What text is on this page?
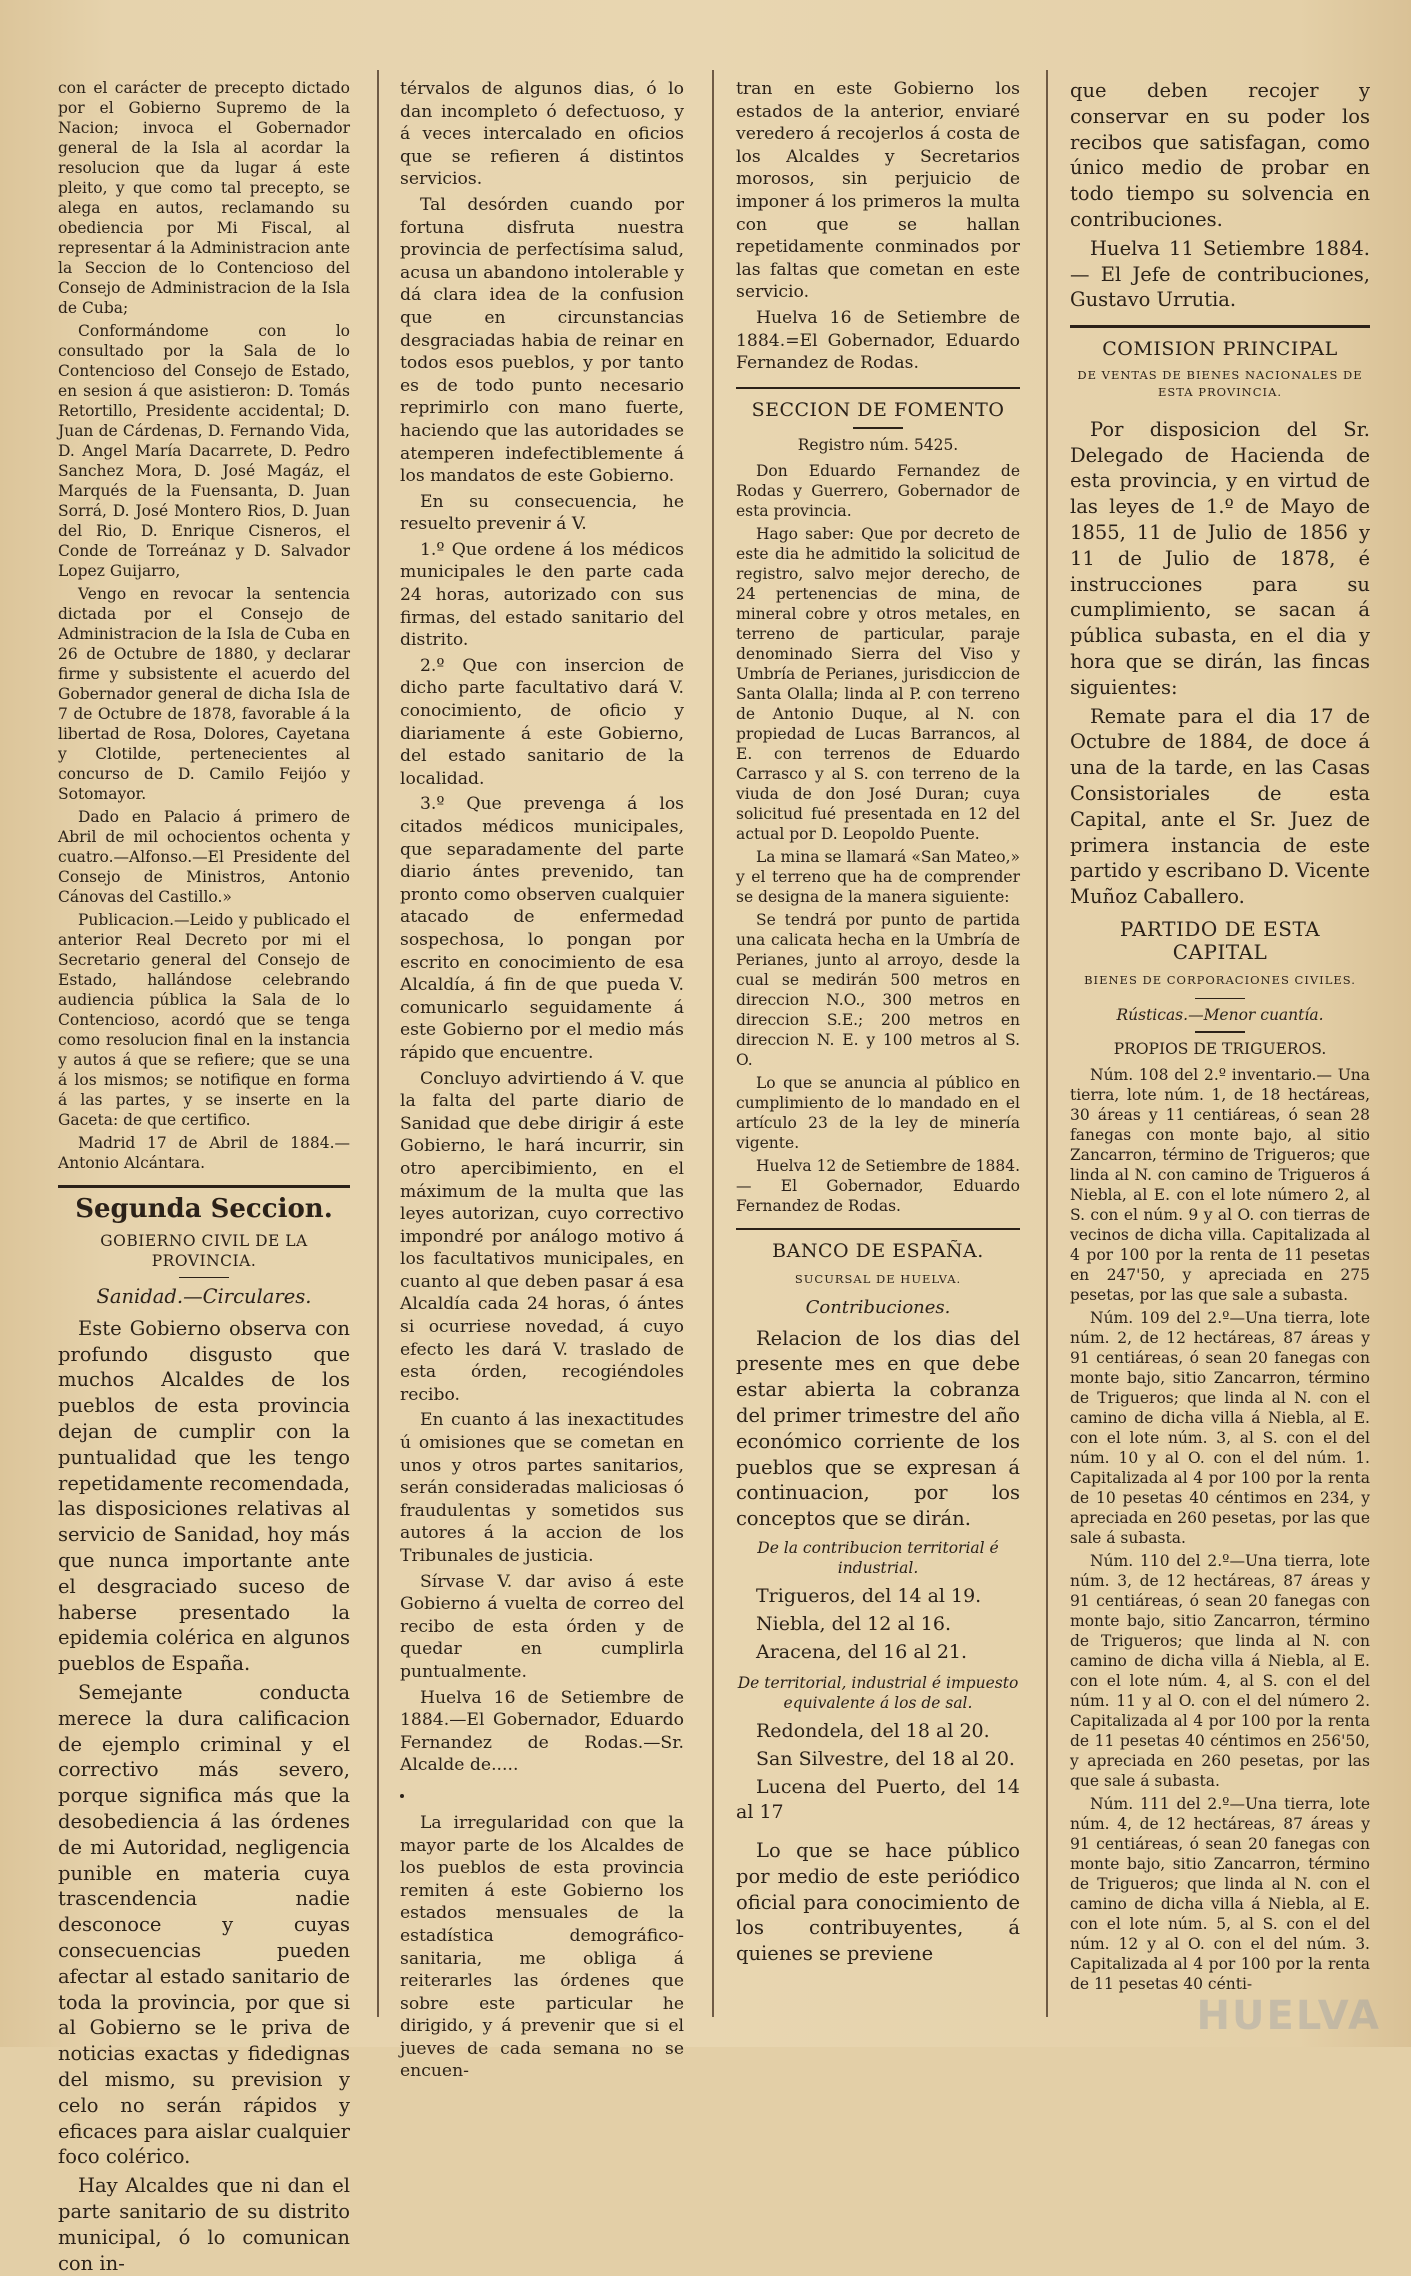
con el carácter de precepto dictado por el Gobierno Supremo de la Nacion; invoca el Gobernador general de la Isla al acordar la resolucion que da lugar á este pleito, y que como tal precepto, se alega en autos, reclamando su obediencia por Mi Fiscal, al representar á la Administracion ante la Seccion de lo Contencioso del Consejo de Administracion de la Isla de Cuba;

Conformándome con lo consultado por la Sala de lo Contencioso del Consejo de Estado, en sesion á que asistieron: D. Tomás Retortillo, Presidente accidental; D. Juan de Cárdenas, D. Fernando Vida, D. Angel María Dacarrete, D. Pedro Sanchez Mora, D. José Magáz, el Marqués de la Fuensanta, D. Juan Sorrá, D. José Montero Rios, D. Juan del Rio, D. Enrique Cisneros, el Conde de Torreánaz y D. Salvador Lopez Guijarro,

Vengo en revocar la sentencia dictada por el Consejo de Administracion de la Isla de Cuba en 26 de Octubre de 1880, y declarar firme y subsistente el acuerdo del Gobernador general de dicha Isla de 7 de Octubre de 1878, favorable á la libertad de Rosa, Dolores, Cayetana y Clotilde, pertenecientes al concurso de D. Camilo Feijóo y Sotomayor.

Dado en Palacio á primero de Abril de mil ochocientos ochenta y cuatro.—Alfonso.—El Presidente del Consejo de Ministros, Antonio Cánovas del Castillo.»

Publicacion.—Leido y publicado el anterior Real Decreto por mi el Secretario general del Consejo de Estado, hallándose celebrando audiencia pública la Sala de lo Contencioso, acordó que se tenga como resolucion final en la instancia y autos á que se refiere; que se una á los mismos; se notifique en forma á las partes, y se inserte en la Gaceta: de que certifico.

Madrid 17 de Abril de 1884.— Antonio Alcántara.

Segunda Seccion.
GOBIERNO CIVIL DE LA PROVINCIA.
Sanidad.—Circulares.

Este Gobierno observa con profundo disgusto que muchos Alcaldes de los pueblos de esta provincia dejan de cumplir con la puntualidad que les tengo repetidamente recomendada, las disposiciones relativas al servicio de Sanidad, hoy más que nunca importante ante el desgraciado suceso de haberse presentado la epidemia colérica en algunos pueblos de España.

Semejante conducta merece la dura calificacion de ejemplo criminal y el correctivo más severo, porque significa más que la desobediencia á las órdenes de mi Autoridad, negligencia punible en materia cuya trascendencia nadie desconoce y cuyas consecuencias pueden afectar al estado sanitario de toda la provincia, por que si al Gobierno se le priva de noticias exactas y fidedignas del mismo, su prevision y celo no serán rápidos y eficaces para aislar cualquier foco colérico.

Hay Alcaldes que ni dan el parte sanitario de su distrito municipal, ó lo comunican con in-

térvalos de algunos dias, ó lo dan incompleto ó defectuoso, y á veces intercalado en oficios que se refieren á distintos servicios.

Tal desórden cuando por fortuna disfruta nuestra provincia de perfectísima salud, acusa un abandono intolerable y dá clara idea de la confusion que en circunstancias desgraciadas habia de reinar en todos esos pueblos, y por tanto es de todo punto necesario reprimirlo con mano fuerte, haciendo que las autoridades se atemperen indefectiblemente á los mandatos de este Gobierno.

En su consecuencia, he resuelto prevenir á V.

1.º Que ordene á los médicos municipales le den parte cada 24 horas, autorizado con sus firmas, del estado sanitario del distrito.

2.º Que con insercion de dicho parte facultativo dará V. conocimiento, de oficio y diariamente á este Gobierno, del estado sanitario de la localidad.

3.º Que prevenga á los citados médicos municipales, que separadamente del parte diario ántes prevenido, tan pronto como observen cualquier atacado de enfermedad sospechosa, lo pongan por escrito en conocimiento de esa Alcaldía, á fin de que pueda V. comunicarlo seguidamente á este Gobierno por el medio más rápido que encuentre.

Concluyo advirtiendo á V. que la falta del parte diario de Sanidad que debe dirigir á este Gobierno, le hará incurrir, sin otro apercibimiento, en el máximum de la multa que las leyes autorizan, cuyo correctivo impondré por análogo motivo á los facultativos municipales, en cuanto al que deben pasar á esa Alcaldía cada 24 horas, ó ántes si ocurriese novedad, á cuyo efecto les dará V. traslado de esta órden, recogiéndoles recibo.

En cuanto á las inexactitudes ú omisiones que se cometan en unos y otros partes sanitarios, serán consideradas maliciosas ó fraudulentas y sometidos sus autores á la accion de los Tribunales de justicia.

Sírvase V. dar aviso á este Gobierno á vuelta de correo del recibo de esta órden y de quedar en cumplirla puntualmente.

Huelva 16 de Setiembre de 1884.—El Gobernador, Eduardo Fernandez de Rodas.—Sr. Alcalde de.....

La irregularidad con que la mayor parte de los Alcaldes de los pueblos de esta provincia remiten á este Gobierno los estados mensuales de la estadística demográfico-sanitaria, me obliga á reiterarles las órdenes que sobre este particular he dirigido, y á prevenir que si el jueves de cada semana no se encuen-

tran en este Gobierno los estados de la anterior, enviaré veredero á recojerlos á costa de los Alcaldes y Secretarios morosos, sin perjuicio de imponer á los primeros la multa con que se hallan repetidamente conminados por las faltas que cometan en este servicio.

Huelva 16 de Setiembre de 1884.=El Gobernador, Eduardo Fernandez de Rodas.

SECCION DE FOMENTO
Registro núm. 5425.

Don Eduardo Fernandez de Rodas y Guerrero, Gobernador de esta provincia.

Hago saber: Que por decreto de este dia he admitido la solicitud de registro, salvo mejor derecho, de 24 pertenencias de mina, de mineral cobre y otros metales, en terreno de particular, paraje denominado Sierra del Viso y Umbría de Perianes, jurisdiccion de Santa Olalla; linda al P. con terreno de Antonio Duque, al N. con propiedad de Lucas Barrancos, al E. con terrenos de Eduardo Carrasco y al S. con terreno de la viuda de don José Duran; cuya solicitud fué presentada en 12 del actual por D. Leopoldo Puente.

La mina se llamará «San Mateo,» y el terreno que ha de comprender se designa de la manera siguiente:

Se tendrá por punto de partida una calicata hecha en la Umbría de Perianes, junto al arroyo, desde la cual se medirán 500 metros en direccion N.O., 300 metros en direccion S.E.; 200 metros en direccion N. E. y 100 metros al S. O.

Lo que se anuncia al público en cumplimiento de lo mandado en el artículo 23 de la ley de minería vigente.

Huelva 12 de Setiembre de 1884.— El Gobernador, Eduardo Fernandez de Rodas.

BANCO DE ESPAÑA.
SUCURSAL DE HUELVA.
Contribuciones.

Relacion de los dias del presente mes en que debe estar abierta la cobranza del primer trimestre del año económico corriente de los pueblos que se expresan á continuacion, por los conceptos que se dirán.

De la contribucion territorial é industrial.

Trigueros, del 14 al 19.

Niebla, del 12 al 16.

Aracena, del 16 al 21.

De territorial, industrial é impuesto equivalente á los de sal.

Redondela, del 18 al 20.

San Silvestre, del 18 al 20.

Lucena del Puerto, del 14 al 17

Lo que se hace público por medio de este periódico oficial para conocimiento de los contribuyentes, á quienes se previene

que deben recojer y conservar en su poder los recibos que satisfagan, como único medio de probar en todo tiempo su solvencia en contribuciones.

Huelva 11 Setiembre 1884.— El Jefe de contribuciones, Gustavo Urrutia.

COMISION PRINCIPAL
DE VENTAS DE BIENES NACIONALES DE ESTA PROVINCIA.

Por disposicion del Sr. Delegado de Hacienda de esta provincia, y en virtud de las leyes de 1.º de Mayo de 1855, 11 de Julio de 1856 y 11 de Julio de 1878, é instrucciones para su cumplimiento, se sacan á pública subasta, en el dia y hora que se dirán, las fincas siguientes:

Remate para el dia 17 de Octubre de 1884, de doce á una de la tarde, en las Casas Consistoriales de esta Capital, ante el Sr. Juez de primera instancia de este partido y escribano D. Vicente Muñoz Caballero.

PARTIDO DE ESTA CAPITAL
BIENES DE CORPORACIONES CIVILES.
Rústicas.—Menor cuantía.
PROPIOS DE TRIGUEROS.

Núm. 108 del 2.º inventario.— Una tierra, lote núm. 1, de 18 hectáreas, 30 áreas y 11 centiáreas, ó sean 28 fanegas con monte bajo, al sitio Zancarron, término de Trigueros; que linda al N. con camino de Trigueros á Niebla, al E. con el lote número 2, al S. con el núm. 9 y al O. con tierras de vecinos de dicha villa. Capitalizada al 4 por 100 por la renta de 11 pesetas en 247'50, y apreciada en 275 pesetas, por las que sale a subasta.

Núm. 109 del 2.º—Una tierra, lote núm. 2, de 12 hectáreas, 87 áreas y 91 centiáreas, ó sean 20 fanegas con monte bajo, sitio Zancarron, término de Trigueros; que linda al N. con el camino de dicha villa á Niebla, al E. con el lote núm. 3, al S. con el del núm. 10 y al O. con el del núm. 1. Capitalizada al 4 por 100 por la renta de 10 pesetas 40 céntimos en 234, y apreciada en 260 pesetas, por las que sale á subasta.

Núm. 110 del 2.º—Una tierra, lote núm. 3, de 12 hectáreas, 87 áreas y 91 centiáreas, ó sean 20 fanegas con monte bajo, sitio Zancarron, término de Trigueros; que linda al N. con camino de dicha villa á Niebla, al E. con el lote núm. 4, al S. con el del núm. 11 y al O. con el del número 2. Capitalizada al 4 por 100 por la renta de 11 pesetas 40 céntimos en 256'50, y apreciada en 260 pesetas, por las que sale á subasta.

Núm. 111 del 2.º—Una tierra, lote núm. 4, de 12 hectáreas, 87 áreas y 91 centiáreas, ó sean 20 fanegas con monte bajo, sitio Zancarron, término de Trigueros; que linda al N. con el camino de dicha villa á Niebla, al E. con el lote núm. 5, al S. con el del núm. 12 y al O. con el del núm. 3. Capitalizada al 4 por 100 por la renta de 11 pesetas 40 cénti-

HUELVA
